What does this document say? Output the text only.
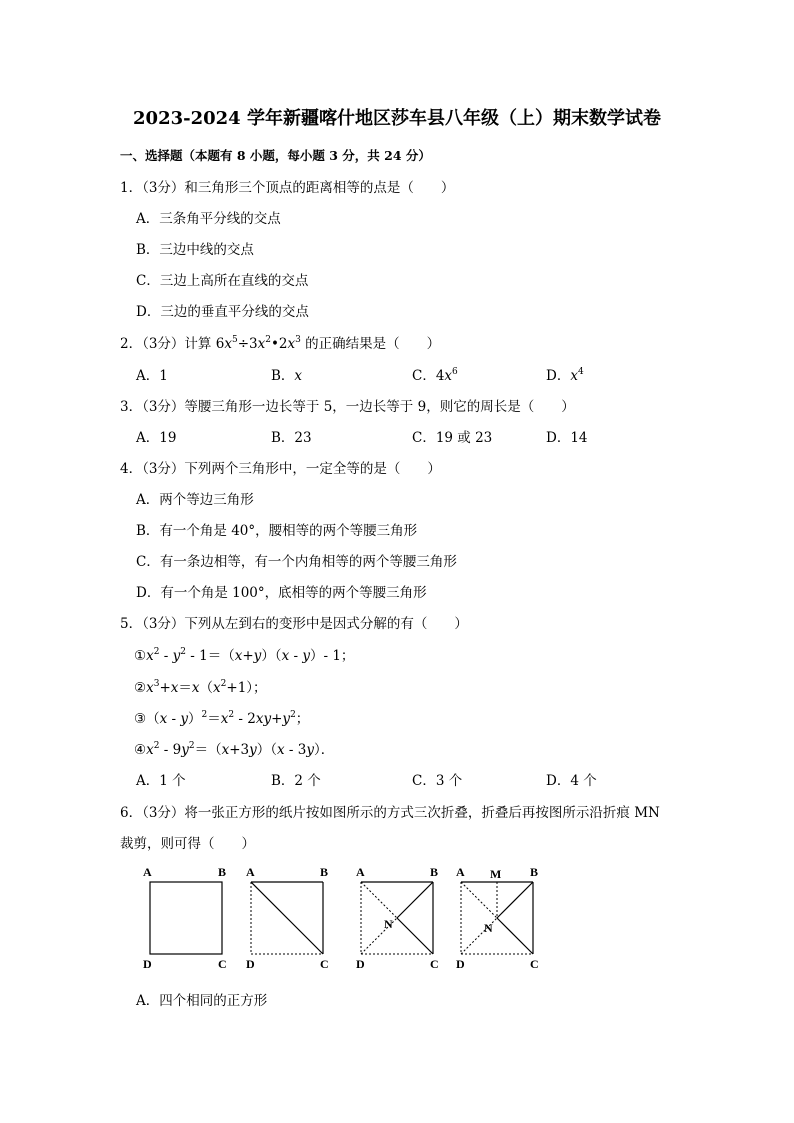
2023-2024 学年新疆喀什地区莎车县八年级（上）期末数学试卷
一、选择题（本题有 8 小题，每小题 3 分，共 24 分）
1．（3分）和三角形三个顶点的距离相等的点是（　　）
A．三条角平分线的交点
B．三边中线的交点
C．三边上高所在直线的交点
D．三边的垂直平分线的交点
2．（3分）计算 $6x^5\div 3x^2•2x^3$ 的正确结果是（　　）
A．1	B．x	C．$4x^6$	D．$x^4$
3．（3分）等腰三角形一边长等于 5，一边长等于 9，则它的周长是（　　）
A．19	B．23	C．19 或 23	D．14
4．（3分）下列两个三角形中，一定全等的是（　　）
A．两个等边三角形
B．有一个角是 40°，腰相等的两个等腰三角形
C．有一条边相等，有一个内角相等的两个等腰三角形
D．有一个角是 100°，底相等的两个等腰三角形
5．（3分）下列从左到右的变形中是因式分解的有（　　）
$①x^2 - y^2 - 1=(x+y)(x - y)-$ 1；
$②x^3+x=x(x^2+1)$；
③（x - $y)^2=x^2 - 2xy+y^2$；
$④x^2 - 9y^2=(x+3y)(x - 3y)$．
A．1 个	B．2 个	C．3 个	D．4 个
6．（3分）将一张正方形的纸片按如图所示的方式三次折叠，折叠后再按图所示沿折痕 MN
裁剪，则可得（　　）
A	B
D	C
A	B
D	C
A	B
N
D	C
A M B
N
D	C
A．四个相同的正方形
